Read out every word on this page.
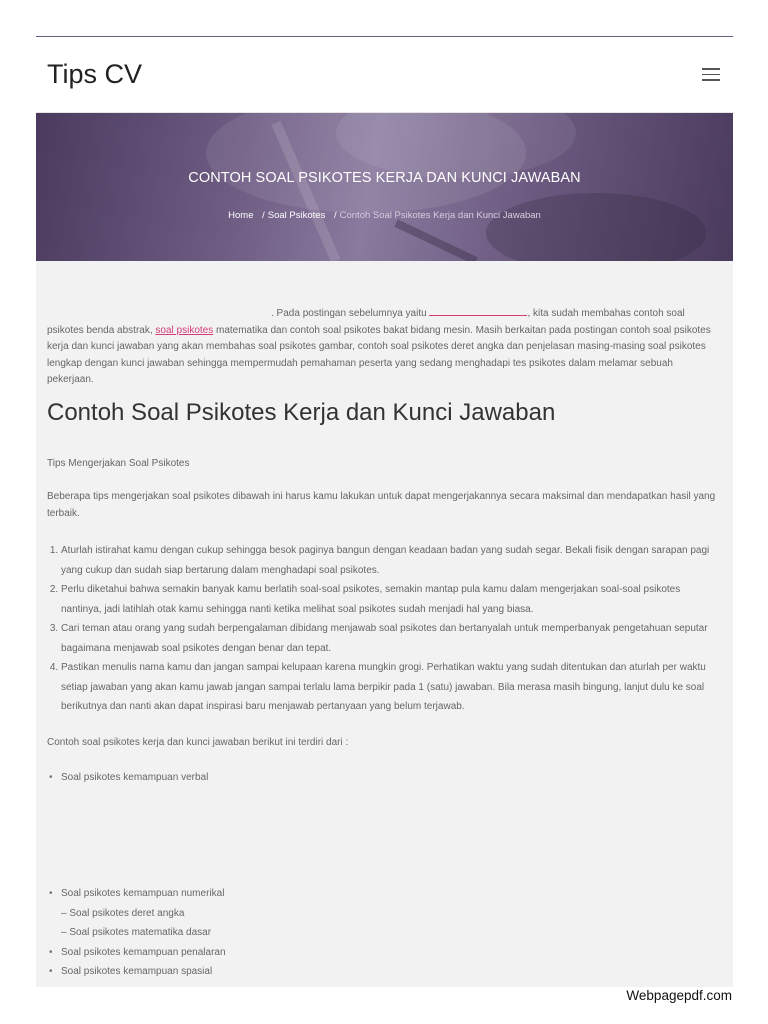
Tips CV
CONTOH SOAL PSIKOTES KERJA DAN KUNCI JAWABAN
Home / Soal Psikotes / Contoh Soal Psikotes Kerja dan Kunci Jawaban

. Pada postingan sebelumnya yaitu	, kita sudah membahas contoh soal psikotes benda abstrak, soal psikotes matematika dan contoh soal psikotes bakat bidang mesin. Masih berkaitan pada postingan contoh soal psikotes kerja dan kunci jawaban yang akan membahas soal psikotes gambar, contoh soal psikotes deret angka dan penjelasan masing-masing soal psikotes lengkap dengan kunci jawaban sehingga mempermudah pemahaman peserta yang sedang menghadapi tes psikotes dalam melamar sebuah pekerjaan.

Contoh Soal Psikotes Kerja dan Kunci Jawaban

Tips Mengerjakan Soal Psikotes

Beberapa tips mengerjakan soal psikotes dibawah ini harus kamu lakukan untuk dapat mengerjakannya secara maksimal dan mendapatkan hasil yang terbaik.

1. Aturlah istirahat kamu dengan cukup sehingga besok paginya bangun dengan keadaan badan yang sudah segar. Bekali fisik dengan sarapan pagi yang cukup dan sudah siap bertarung dalam menghadapi soal psikotes.
2. Perlu diketahui bahwa semakin banyak kamu berlatih soal-soal psikotes, semakin mantap pula kamu dalam mengerjakan soal-soal psikotes nantinya, jadi latihlah otak kamu sehingga nanti ketika melihat soal psikotes sudah menjadi hal yang biasa.
3. Cari teman atau orang yang sudah berpengalaman dibidang menjawab soal psikotes dan bertanyalah untuk memperbanyak pengetahuan seputar bagaimana menjawab soal psikotes dengan benar dan tepat.
4. Pastikan menulis nama kamu dan jangan sampai kelupaan karena mungkin grogi. Perhatikan waktu yang sudah ditentukan dan aturlah per waktu setiap jawaban yang akan kamu jawab jangan sampai terlalu lama berpikir pada 1 (satu) jawaban. Bila merasa masih bingung, lanjut dulu ke soal berikutnya dan nanti akan dapat inspirasi baru menjawab pertanyaan yang belum terjawab.

Contoh soal psikotes kerja dan kunci jawaban berikut ini terdiri dari :

• Soal psikotes kemampuan verbal
• Soal psikotes kemampuan numerikal
– Soal psikotes deret angka
– Soal psikotes matematika dasar
• Soal psikotes kemampuan penalaran
• Soal psikotes kemampuan spasial
Webpagepdf.com
